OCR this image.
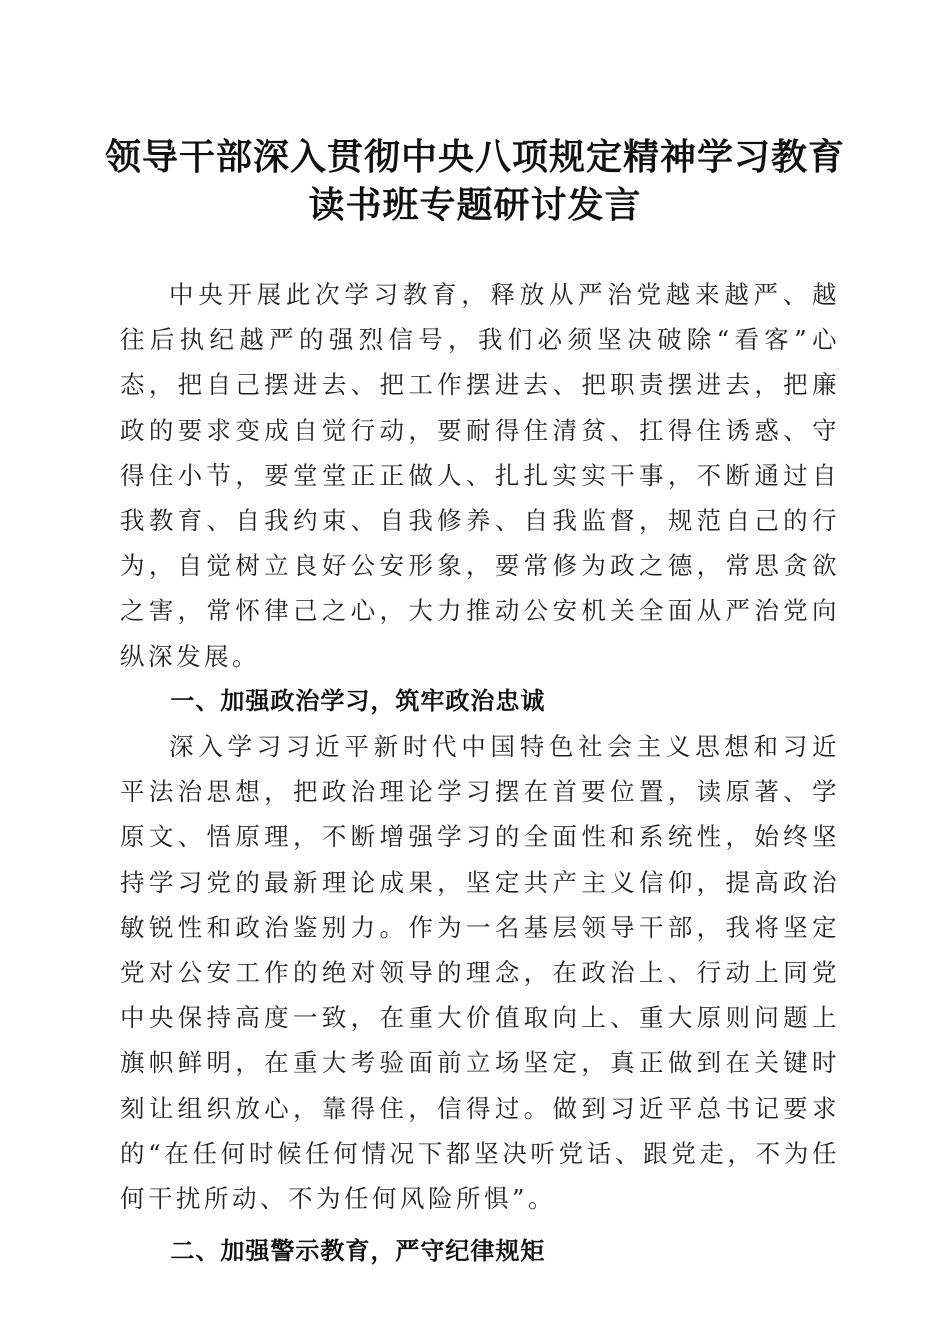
领导干部深入贯彻中央八项规定精神学习教育
读书班专题研讨发言

中央开展此次学习教育，释放从严治党越来越严、越往后执纪越严的强烈信号，我们必须坚决破除“看客”心态，把自己摆进去、把工作摆进去、把职责摆进去，把廉政的要求变成自觉行动，要耐得住清贫、扛得住诱惑、守得住小节，要堂堂正正做人、扎扎实实干事，不断通过自我教育、自我约束、自我修养、自我监督，规范自己的行为，自觉树立良好公安形象，要常修为政之德，常思贪欲之害，常怀律己之心，大力推动公安机关全面从严治党向纵深发展。

一、加强政治学习，筑牢政治忠诚

深入学习习近平新时代中国特色社会主义思想和习近平法治思想，把政治理论学习摆在首要位置，读原著、学原文、悟原理，不断增强学习的全面性和系统性，始终坚持学习党的最新理论成果，坚定共产主义信仰，提高政治敏锐性和政治鉴别力。作为一名基层领导干部，我将坚定党对公安工作的绝对领导的理念，在政治上、行动上同党中央保持高度一致，在重大价值取向上、重大原则问题上旗帜鲜明，在重大考验面前立场坚定，真正做到在关键时刻让组织放心，靠得住，信得过。做到习近平总书记要求的“在任何时候任何情况下都坚决听党话、跟党走，不为任何干扰所动、不为任何风险所惧”。

二、加强警示教育，严守纪律规矩
